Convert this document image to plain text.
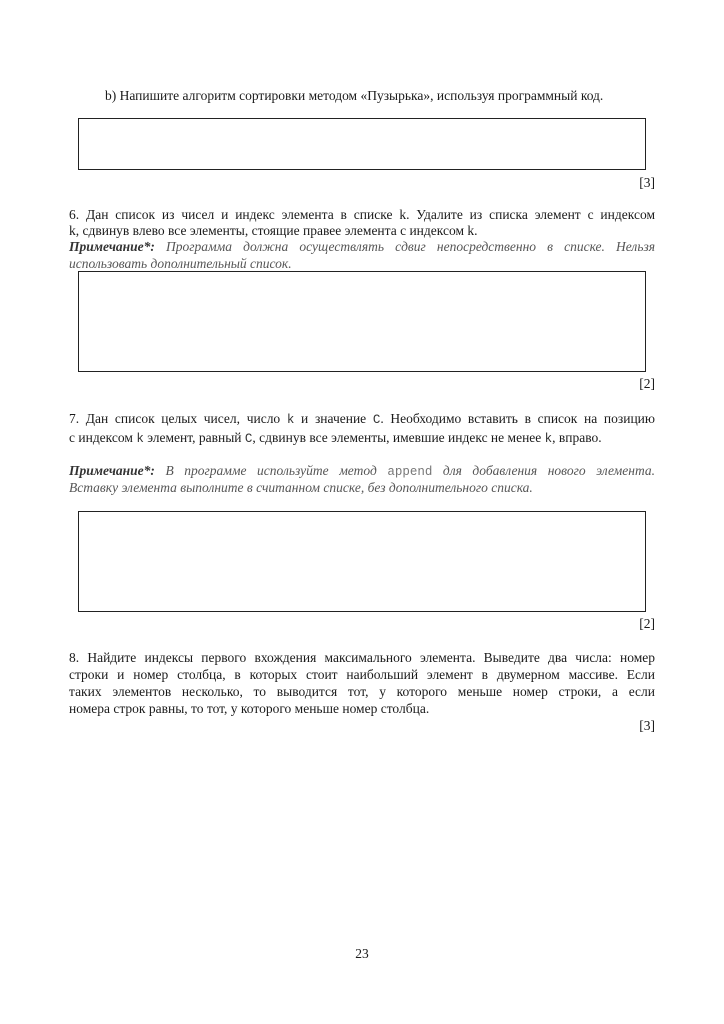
b) Напишите алгоритм сортировки методом «Пузырька», используя программный код.
[3]
6. Дан список из чисел и индекс элемента в списке k. Удалите из списка элемент с индексом
k, сдвинув влево все элементы, стоящие правее элемента с индексом k.
Примечание*: Программа должна осуществлять сдвиг непосредственно в списке. Нельзя
использовать дополнительный список.
[2]
7. Дан список целых чисел, число k и значение C. Необходимо вставить в список на позицию
с индексом k элемент, равный C, сдвинув все элементы, имевшие индекс не менее k, вправо.
Примечание*: В программе используйте метод append для добавления нового элемента.
Вставку элемента выполните в считанном списке, без дополнительного списка.
[2]
8. Найдите индексы первого вхождения максимального элемента. Выведите два числа: номер
строки и номер столбца, в которых стоит наибольший элемент в двумерном массиве. Если
таких элементов несколько, то выводится тот, у которого меньше номер строки, а если
номера строк равны, то тот, у которого меньше номер столбца.
[3]
23
